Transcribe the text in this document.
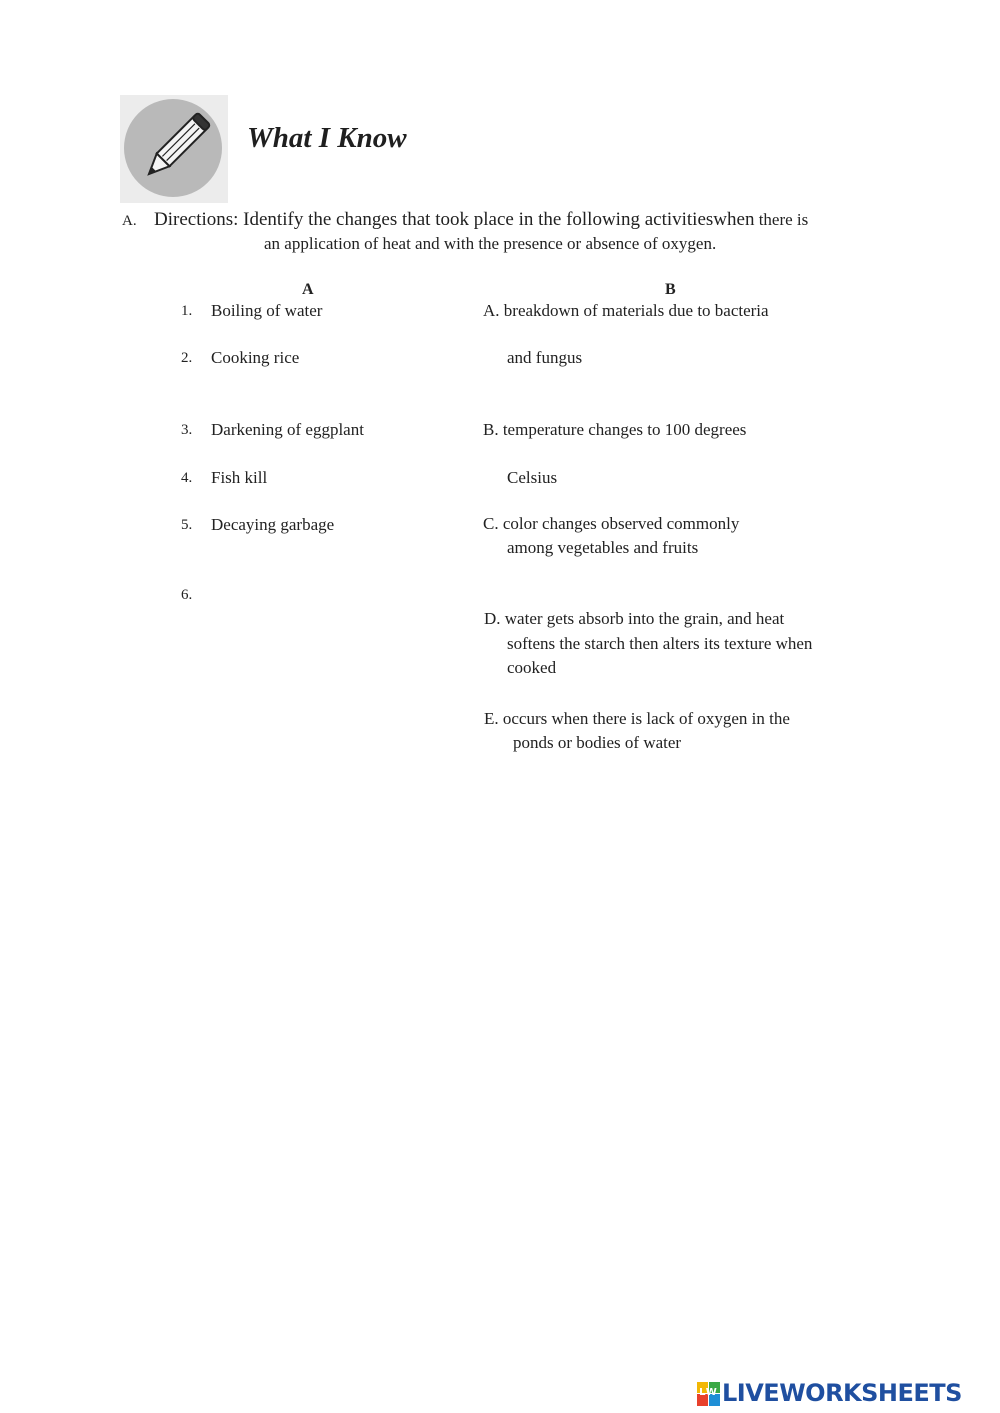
What I Know
A. Directions: Identify the changes that took place in the following activitieswhen there is
an application of heat and with the presence or absence of oxygen.
A	B
1. Boiling of water
2. Cooking rice
3. Darkening of eggplant
4. Fish kill
5. Decaying garbage
6.
A. breakdown of materials due to bacteria
and fungus
B. temperature changes to 100 degrees
Celsius
C. color changes observed commonly
among vegetables and fruits
D. water gets absorb into the grain, and heat
softens the starch then alters its texture when
cooked
E. occurs when there is lack of oxygen in the
ponds or bodies of water
LW LIVEWORKSHEETS
